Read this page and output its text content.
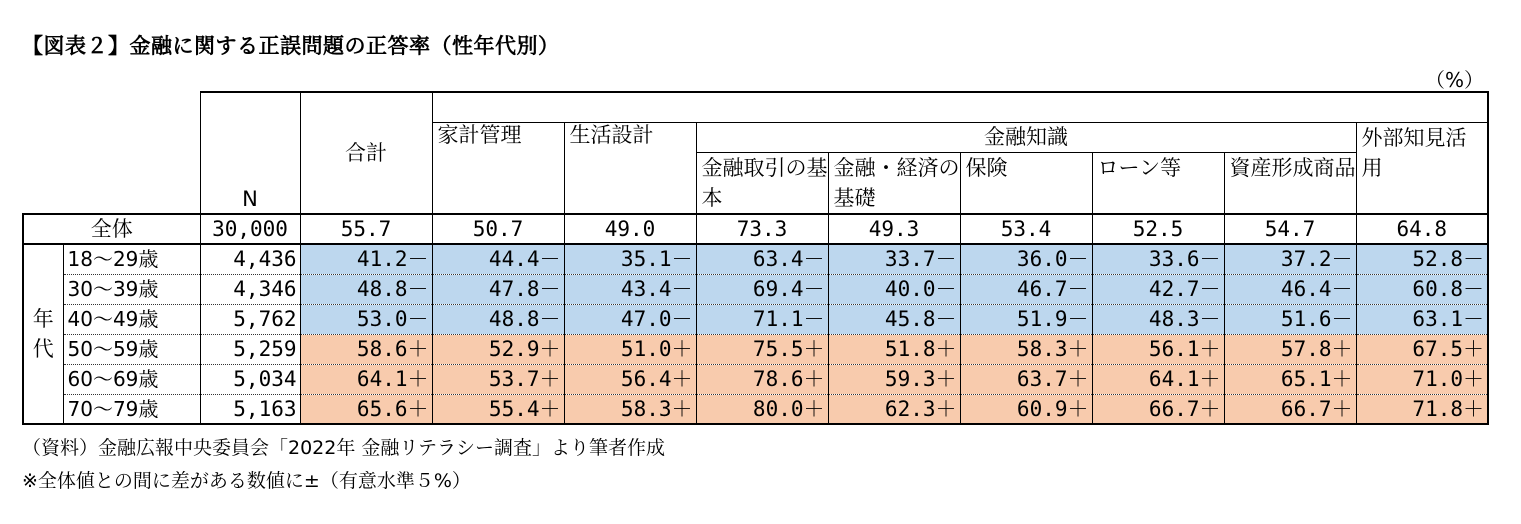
【図表２】金融に関する正誤問題の正答率（性年代別）
（%）
		N	合計								
				家計管理	生活設計	金融知識					外部知見活用
						金融取引の基本	金融・経済の基礎	保険	ローン等	資産形成商品	
全体		30,000	55.7	50.7	49.0	73.3	49.3	53.4	52.5	54.7	64.8
年代	18～29歳	4,436	41.2－	44.4－	35.1－	63.4－	33.7－	36.0－	33.6－	37.2－	52.8－
	30～39歳	4,346	48.8－	47.8－	43.4－	69.4－	40.0－	46.7－	42.7－	46.4－	60.8－
	40～49歳	5,762	53.0－	48.8－	47.0－	71.1－	45.8－	51.9－	48.3－	51.6－	63.1－
	50～59歳	5,259	58.6＋	52.9＋	51.0＋	75.5＋	51.8＋	58.3＋	56.1＋	57.8＋	67.5＋
	60～69歳	5,034	64.1＋	53.7＋	56.4＋	78.6＋	59.3＋	63.7＋	64.1＋	65.1＋	71.0＋
	70～79歳	5,163	65.6＋	55.4＋	58.3＋	80.0＋	62.3＋	60.9＋	66.7＋	66.7＋	71.8＋
（資料）金融広報中央委員会「2022年 金融リテラシー調査」より筆者作成
※全体値との間に差がある数値に±（有意水準５%）
